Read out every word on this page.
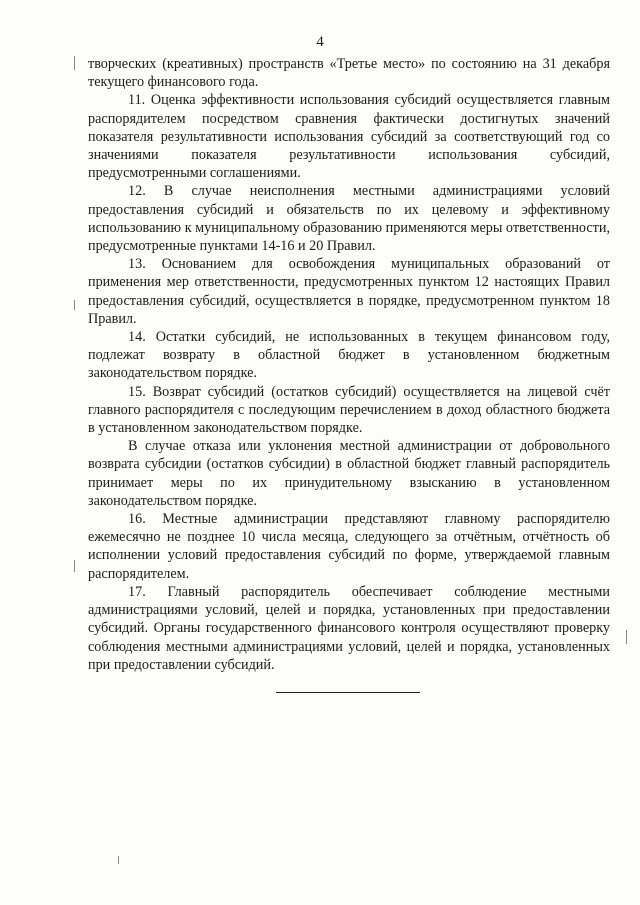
4

творческих (креативных) пространств «Третье место» по состоянию на 31 декабря текущего финансового года.

11. Оценка эффективности использования субсидий осуществляется главным распорядителем посредством сравнения фактически достигнутых значений показателя результативности использования субсидий за соответствующий год со значениями показателя результативности использования субсидий, предусмотренными соглашениями.

12. В случае неисполнения местными администрациями условий предоставления субсидий и обязательств по их целевому и эффективному использованию к муниципальному образованию применяются меры ответственности, предусмотренные пунктами 14-16 и 20 Правил.

13. Основанием для освобождения муниципальных образований от применения мер ответственности, предусмотренных пунктом 12 настоящих Правил предоставления субсидий, осуществляется в порядке, предусмотренном пунктом 18 Правил.

14. Остатки субсидий, не использованных в текущем финансовом году, подлежат возврату в областной бюджет в установленном бюджетным законодательством порядке.

15. Возврат субсидий (остатков субсидий) осуществляется на лицевой счёт главного распорядителя с последующим перечислением в доход областного бюджета в установленном законодательством порядке.

В случае отказа или уклонения местной администрации от добровольного возврата субсидии (остатков субсидии) в областной бюджет главный распорядитель принимает меры по их принудительному взысканию в установленном законодательством порядке.

16. Местные администрации представляют главному распорядителю ежемесячно не позднее 10 числа месяца, следующего за отчётным, отчётность об исполнении условий предоставления субсидий по форме, утверждаемой главным распорядителем.

17. Главный распорядитель обеспечивает соблюдение местными администрациями условий, целей и порядка, установленных при предоставлении субсидий. Органы государственного финансового контроля осуществляют проверку соблюдения местными администрациями условий, целей и порядка, установленных при предоставлении субсидий.
